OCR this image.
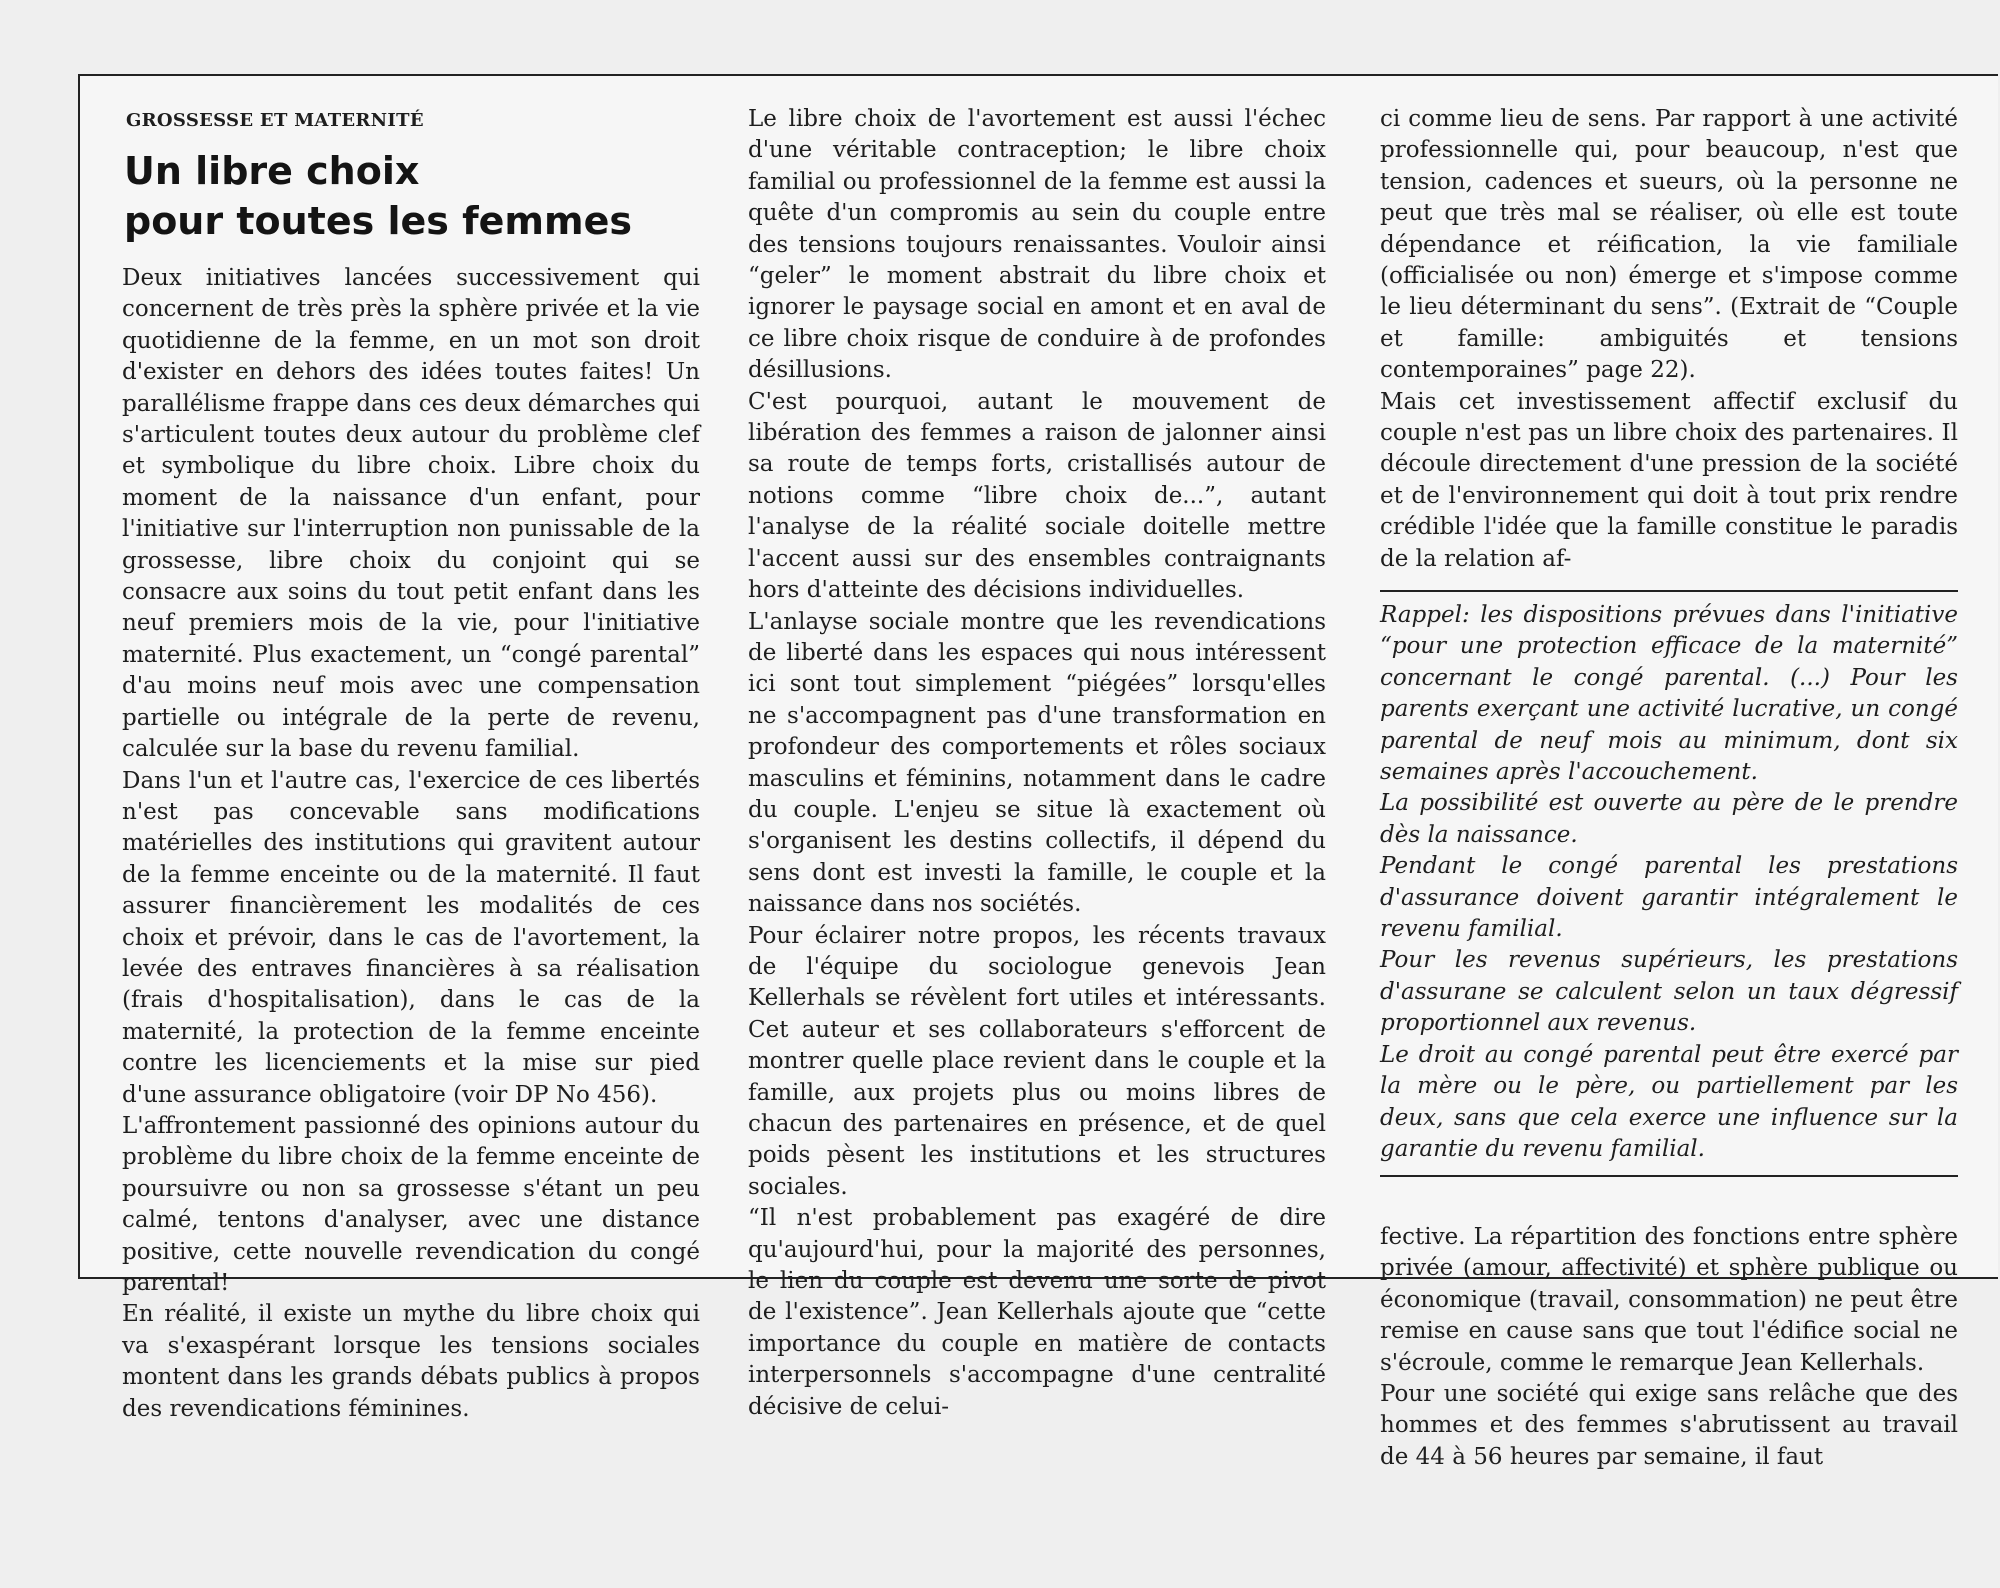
GROSSESSE ET MATERNITÉ
Un libre choix
pour toutes les femmes

Deux initiatives lancées successivement qui concernent de très près la sphère privée et la vie quotidienne de la femme, en un mot son droit d'exister en dehors des idées toutes faites! Un parallélisme frappe dans ces deux démarches qui s'articulent toutes deux autour du problème clef et symbolique du libre choix. Libre choix du moment de la naissance d'un enfant, pour l'initiative sur l'interruption non punissable de la grossesse, libre choix du conjoint qui se consacre aux soins du tout petit enfant dans les neuf premiers mois de la vie, pour l'initiative maternité. Plus exactement, un “congé parental” d'au moins neuf mois avec une compensation partielle ou intégrale de la perte de revenu, calculée sur la base du revenu familial.

Dans l'un et l'autre cas, l'exercice de ces libertés n'est pas concevable sans modifications matérielles des institutions qui gravitent autour de la femme enceinte ou de la maternité. Il faut assurer financièrement les modalités de ces choix et prévoir, dans le cas de l'avortement, la levée des entraves financières à sa réalisation (frais d'hospitalisation), dans le cas de la maternité, la protection de la femme enceinte contre les licenciements et la mise sur pied d'une assurance obligatoire (voir DP No 456).

L'affrontement passionné des opinions autour du problème du libre choix de la femme enceinte de poursuivre ou non sa grossesse s'étant un peu calmé, tentons d'analyser, avec une distance positive, cette nouvelle revendication du congé parental!

En réalité, il existe un mythe du libre choix qui va s'exaspérant lorsque les tensions sociales montent dans les grands débats publics à propos des revendications féminines.

Le libre choix de l'avortement est aussi l'échec d'une véritable contraception; le libre choix familial ou professionnel de la femme est aussi la quête d'un compromis au sein du couple entre des tensions toujours renaissantes. Vouloir ainsi “geler” le moment abstrait du libre choix et ignorer le paysage social en amont et en aval de ce libre choix risque de conduire à de profondes désillusions.

C'est pourquoi, autant le mouvement de libération des femmes a raison de jalonner ainsi sa route de temps forts, cristallisés autour de notions comme “libre choix de...”, autant l'analyse de la réalité sociale doitelle mettre l'accent aussi sur des ensembles contraignants hors d'atteinte des décisions individuelles.

L'anlayse sociale montre que les revendications de liberté dans les espaces qui nous intéressent ici sont tout simplement “piégées” lorsqu'elles ne s'accompagnent pas d'une transformation en profondeur des comportements et rôles sociaux masculins et féminins, notamment dans le cadre du couple. L'enjeu se situe là exactement où s'organisent les destins collectifs, il dépend du sens dont est investi la famille, le couple et la naissance dans nos sociétés.

Pour éclairer notre propos, les récents travaux de l'équipe du sociologue genevois Jean Kellerhals se révèlent fort utiles et intéressants. Cet auteur et ses collaborateurs s'efforcent de montrer quelle place revient dans le couple et la famille, aux projets plus ou moins libres de chacun des partenaires en présence, et de quel poids pèsent les institutions et les structures sociales.

“Il n'est probablement pas exagéré de dire qu'aujourd'hui, pour la majorité des personnes, le lien du couple est devenu une sorte de pivot de l'existence”. Jean Kellerhals ajoute que “cette importance du couple en matière de contacts interpersonnels s'accompagne d'une centralité décisive de celui-

ci comme lieu de sens. Par rapport à une activité professionnelle qui, pour beaucoup, n'est que tension, cadences et sueurs, où la personne ne peut que très mal se réaliser, où elle est toute dépendance et réification, la vie familiale (officialisée ou non) émerge et s'impose comme le lieu déterminant du sens”. (Extrait de “Couple et famille: ambiguités et tensions contemporaines” page 22).

Mais cet investissement affectif exclusif du couple n'est pas un libre choix des partenaires. Il découle directement d'une pression de la société et de l'environnement qui doit à tout prix rendre crédible l'idée que la famille constitue le paradis de la relation af-

Rappel: les dispositions prévues dans l'initiative “pour une protection efficace de la maternité” concernant le congé parental. (...) Pour les parents exerçant une activité lucrative, un congé parental de neuf mois au minimum, dont six semaines après l'accouchement.

La possibilité est ouverte au père de le prendre dès la naissance.

Pendant le congé parental les prestations d'assurance doivent garantir intégralement le revenu familial.

Pour les revenus supérieurs, les prestations d'assurane se calculent selon un taux dégressif proportionnel aux revenus.

Le droit au congé parental peut être exercé par la mère ou le père, ou partiellement par les deux, sans que cela exerce une influence sur la garantie du revenu familial.

fective. La répartition des fonctions entre sphère privée (amour, affectivité) et sphère publique ou économique (travail, consommation) ne peut être remise en cause sans que tout l'édifice social ne s'écroule, comme le remarque Jean Kellerhals.

Pour une société qui exige sans relâche que des hommes et des femmes s'abrutissent au travail de 44 à 56 heures par semaine, il faut
